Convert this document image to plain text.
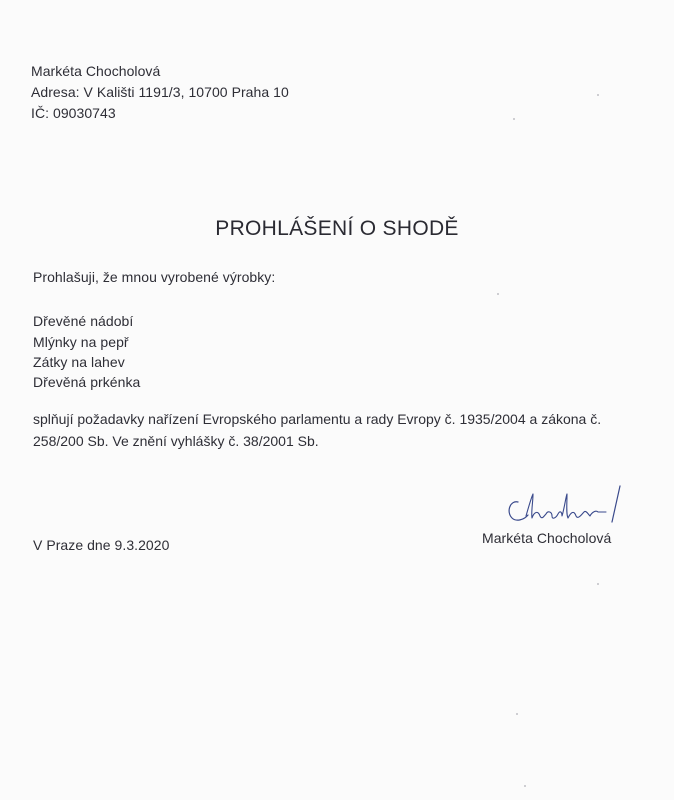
Markéta Chocholová
Adresa: V Kališti 1191/3, 10700 Praha 10
IČ: 09030743
PROHLÁŠENÍ O SHODĚ
Prohlašuji, že mnou vyrobené výrobky:
Dřevěné nádobí
Mlýnky na pepř
Zátky na lahev
Dřevěná prkénka
splňují požadavky nařízení Evropského parlamentu a rady Evropy č. 1935/2004 a zákona č.
258/200 Sb. Ve znění vyhlášky č. 38/2001 Sb.
V Praze dne 9.3.2020	Markéta Chocholová
